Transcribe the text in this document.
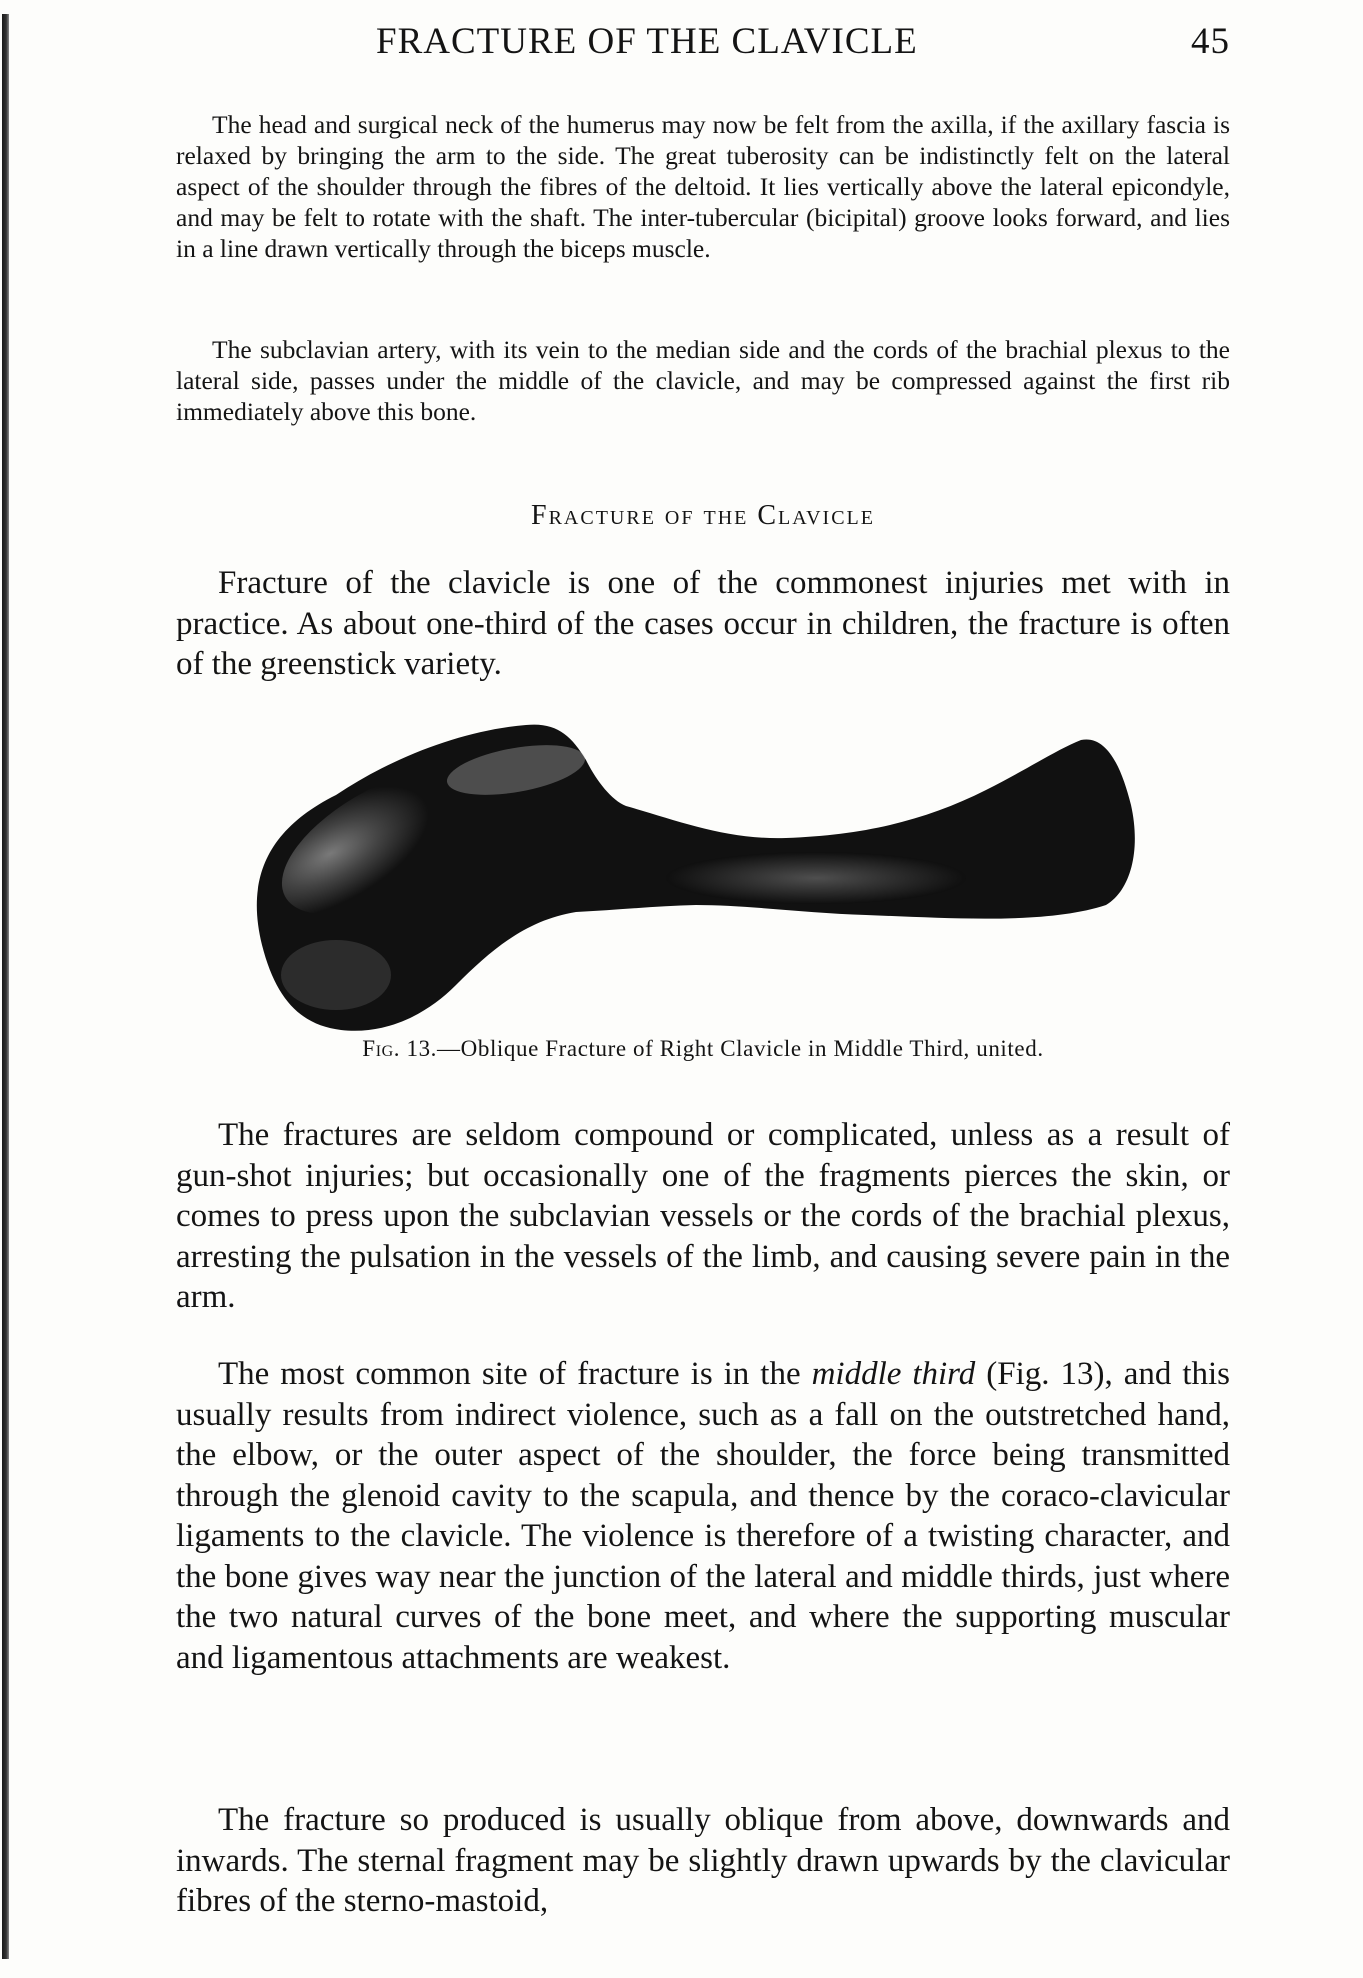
FRACTURE OF THE CLAVICLE	45

The head and surgical neck of the humerus may now be felt from the axilla, if the axillary fascia is relaxed by bringing the arm to the side. The great tuberosity can be indistinctly felt on the lateral aspect of the shoulder through the fibres of the deltoid. It lies vertically above the lateral epicondyle, and may be felt to rotate with the shaft. The inter-tubercular (bicipital) groove looks forward, and lies in a line drawn vertically through the biceps muscle.

The subclavian artery, with its vein to the median side and the cords of the brachial plexus to the lateral side, passes under the middle of the clavicle, and may be compressed against the first rib immediately above this bone.

Fracture of the Clavicle

Fracture of the clavicle is one of the commonest injuries met with in practice. As about one-third of the cases occur in children, the fracture is often of the greenstick variety.

Fig. 13.—Oblique Fracture of Right Clavicle in Middle Third, united.

The fractures are seldom compound or complicated, unless as a result of gun-shot injuries; but occasionally one of the fragments pierces the skin, or comes to press upon the subclavian vessels or the cords of the brachial plexus, arresting the pulsation in the vessels of the limb, and causing severe pain in the arm.

The most common site of fracture is in the middle third (Fig. 13), and this usually results from indirect violence, such as a fall on the outstretched hand, the elbow, or the outer aspect of the shoulder, the force being transmitted through the glenoid cavity to the scapula, and thence by the coraco-clavicular ligaments to the clavicle. The violence is therefore of a twisting character, and the bone gives way near the junction of the lateral and middle thirds, just where the two natural curves of the bone meet, and where the supporting muscular and ligamentous attachments are weakest.

The fracture so produced is usually oblique from above, downwards and inwards. The sternal fragment may be slightly drawn upwards by the clavicular fibres of the sterno-mastoid,
